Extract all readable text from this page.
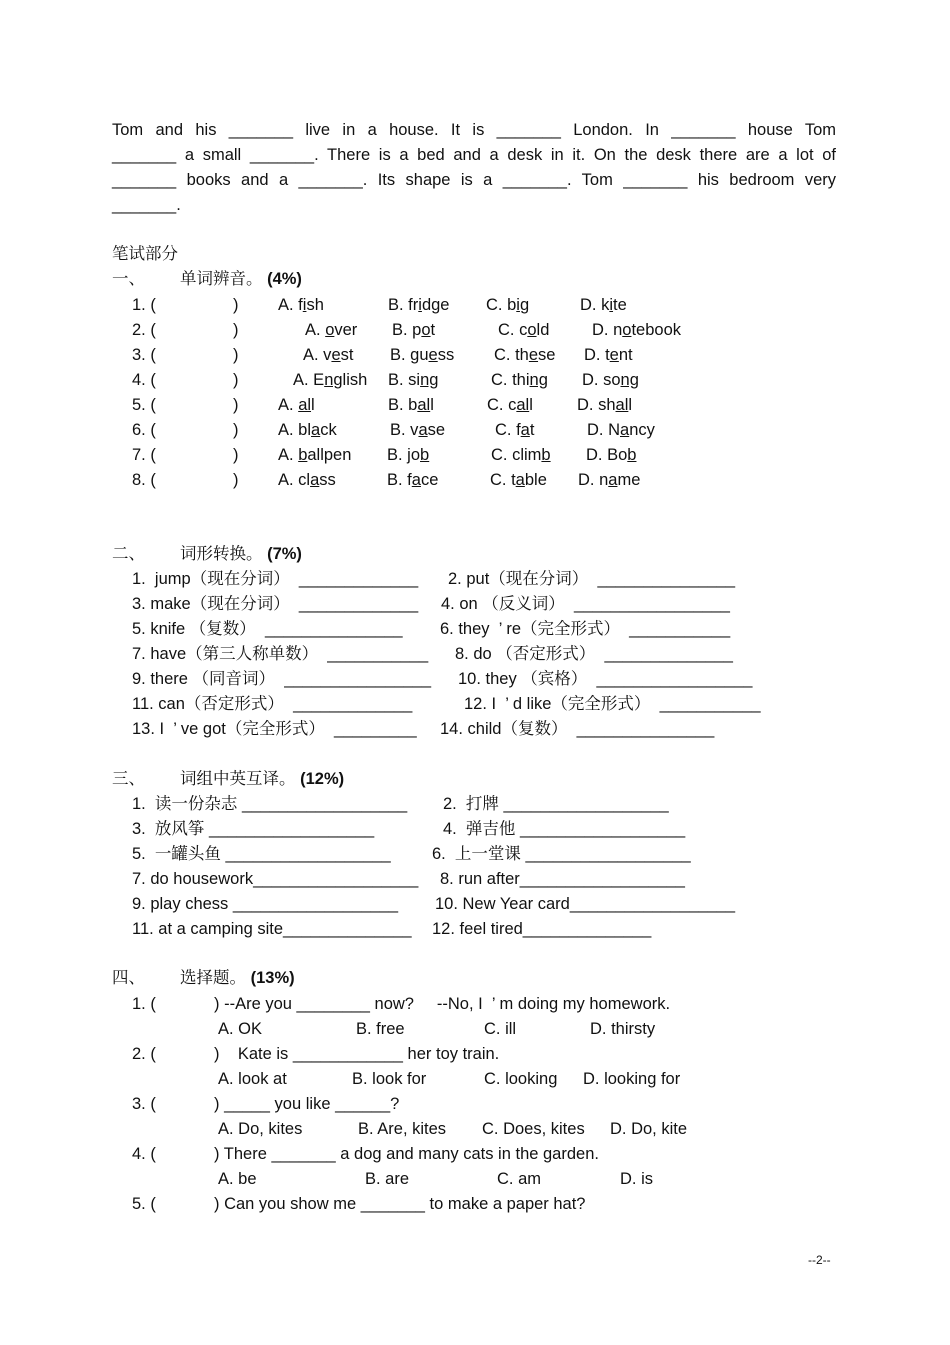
Tom and his _______ live in a house. It is _______ London. In _______ house Tom
_______ a small _______. There is a bed and a desk in it. On the desk there are a lot of
_______ books and a _______. Its shape is a _______. Tom _______ his bedroom very
_______.
笔试部分
一、 单词辨音。 (4%)
1. (	) A. fish	B. fridge C. big	D. kite
2. (	)	A. over B. pot	C. cold	D. notebook
3. (	)	A. vest B. guess C. these D. tent
4. (	)	A. English B. sing	C. thing D. song
5. (	) A. all	B. ball	C. call	D. shall
6. (	) A. black	B. vase	C. fat	D. Nancy
7. (	) A. ballpen B. job	C. climb D. Bob
8. (	) A. class	B. face	C. table D. name
二、 词形转换。 (7%)
1.  jump（现在分词）  _____________ 2. put（现在分词）  _______________
3. make（现在分词）  _____________ 4. on （反义词）  _________________
5. knife （复数）  _______________ 6. they  ’ re（完全形式）  ___________
7. have（第三人称单数）  ___________ 8. do （否定形式）  ______________
9. there （同音词）  ________________ 10. they （宾格）  _________________
11. can（否定形式）  _____________	12. I  ’ d like（完全形式）  ___________
13. I  ’ ve got（完全形式）  _________ 14. child（复数）  _______________
三、 词组中英互译。 (12%)
1.  读一份杂志 __________________ 2.  打牌 __________________
3.  放风筝 __________________	4.  弹吉他 __________________
5.  一罐头鱼 __________________	6.  上一堂课 __________________
7. do housework__________________ 8. run after__________________
9. play chess __________________ 10. New Year card__________________
11. at a camping site______________ 12. feel tired______________
四、 选择题。 (13%)
1. (	) --Are you ________ now?     --No, I  ’ m doing my homework.
A. OK	B. free	C. ill	D. thirsty
2. (	)    Kate is ____________ her toy train.
A. look at	B. look for	C. looking D. looking for
3. (	) _____ you like ______?
A. Do, kites	B. Are, kites C. Does, kites D. Do, kite
4. (	) There _______ a dog and many cats in the garden.
A. be	B. are	C. am	D. is
5. (	) Can you show me _______ to make a paper hat?
--2--
